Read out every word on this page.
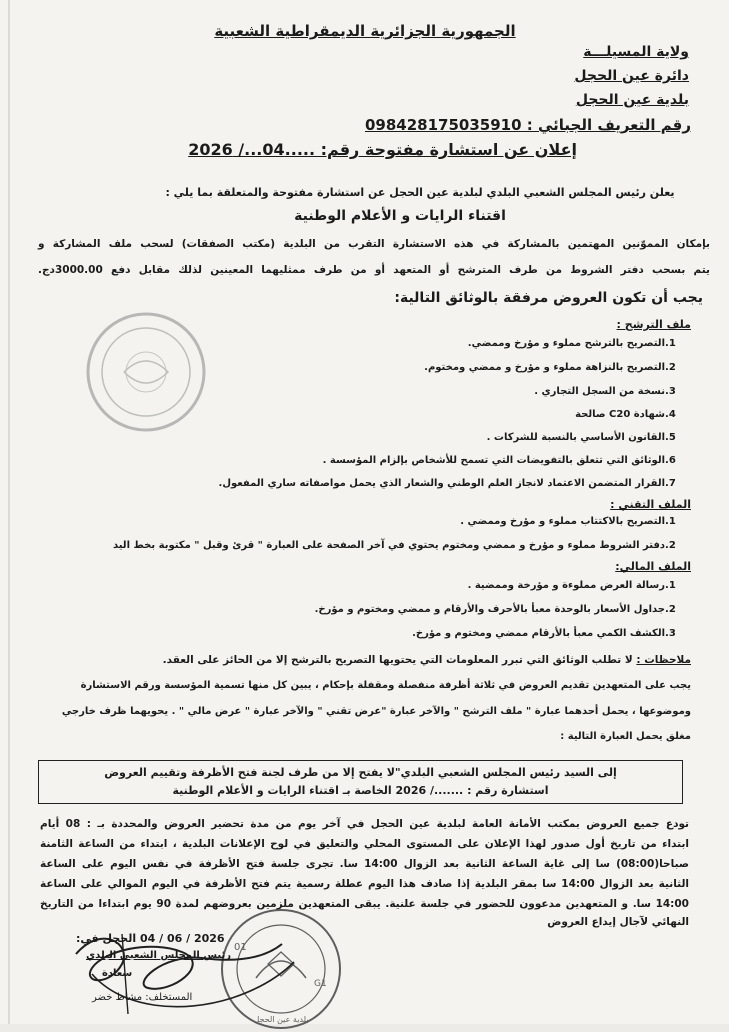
الجمهورية الجزائرية الديمقراطية الشعبية
ولاية المسيلـــة
دائرة عين الحجل
بلدية عين الحجل
رقم التعريف الجبائي : 098428175035910
إعلان عن استشارة مفتوحة رقم: .....04.../ 2026
يعلن رئيس المجلس الشعبي البلدي لبلدية عين الحجل عن استشارة مفتوحة والمتعلقة بما يلي :
اقتناء الرايات و الأعلام الوطنية
بإمكان المموّنين المهتمين بالمشاركة في هذه الاستشارة التقرب من البلدية (مكتب الصفقات) لسحب ملف المشاركة و
يتم بسحب دفتر الشروط من طرف المترشح أو المتعهد أو من طرف ممثليهما المعينين لذلك مقابل دفع 3000.00دج.
يجب أن تكون العروض مرفقة بالوثائق التالية:
ملف الترشح :
1.التصريح بالترشح مملوء و مؤرخ وممضي.
2.التصريح بالنزاهة مملوء و مؤرخ و ممضي ومختوم.
3.نسخة من السجل التجاري .
4.شهادة C20 صالحة
5.القانون الأساسي بالنسبة للشركات .
6.الوثائق التي تتعلق بالتفويضات التي تسمح للأشخاص بإلزام المؤسسة .
7.القرار المتضمن الاعتماد لانجاز العلم الوطني والشعار الذي يحمل مواصفاته ساري المفعول.
الملف التقني :
1.التصريح بالاكتتاب مملوء و مؤرخ وممضي .
2.دفتر الشروط مملوء و مؤرخ و ممضي ومختوم يحتوي في آخر الصفحة على العبارة " قرئ وقبل " مكتوبة بخط اليد
الملف المالي:
1.رسالة العرض مملوءة و مؤرخة وممضية .
2.جداول الأسعار بالوحدة معبأ بالأحرف والأرقام و ممضي ومختوم و مؤرخ.
3.الكشف الكمي معبأ بالأرقام ممضي ومختوم و مؤرخ.
ملاحظات : لا تطلب الوثائق التي تبرر المعلومات التي يحتويها التصريح بالترشح إلا من الحائز على العقد.
يجب على المتعهدين تقديم العروض في ثلاثة أظرفة منفصلة ومقفلة بإحكام ، يبين كل منها تسمية المؤسسة ورقم الاستشارة
وموضوعها ، يحمل أحدهما عبارة " ملف الترشح " والآخر عبارة "عرض تقني " والآخر عبارة " عرض مالي " . يحويهما ظرف خارجي
مغلق يحمل العبارة التالية :
إلى السيد رئيس المجلس الشعبي البلدي"لا يفتح إلا من طرف لجنة فتح الأظرفة وتقييم العروض
استشارة رقم : ......./ 2026 الخاصة بـ اقتناء الرايات و الأعلام الوطنية
تودع جميع العروض بمكتب الأمانة العامة لبلدية عين الحجل في آخر يوم من مدة تحضير العروض والمحددة بـ : 08 أيام
ابتداء من تاريخ أول صدور لهذا الإعلان على المستوى المحلي والتعليق في لوح الإعلانات البلدية ، ابتداء من الساعة الثامنة
صباحا(08:00) سا إلى غاية الساعة الثانية بعد الزوال 14:00 سا. تجرى جلسة فتح الأظرفة في نفس اليوم على الساعة
الثانية بعد الزوال 14:00 سا بمقر البلدية إذا صادف هذا اليوم عطلة رسمية يتم فتح الأظرفة في اليوم الموالي على الساعة
14:00 سا. و المتعهدين مدعوون للحضور في جلسة علنية. يبقى المتعهدين ملزمين بعروضهم لمدة 90 يوم ابتداءا من التاريخ
النهائي لآجال إيداع العروض
01
G1
بلدية عين الحجل
2026 / 06 / 04 الحجل في:
رئيس المجلس الشعبي البلدي
سعادة
المستخلف: مشاط خضر
